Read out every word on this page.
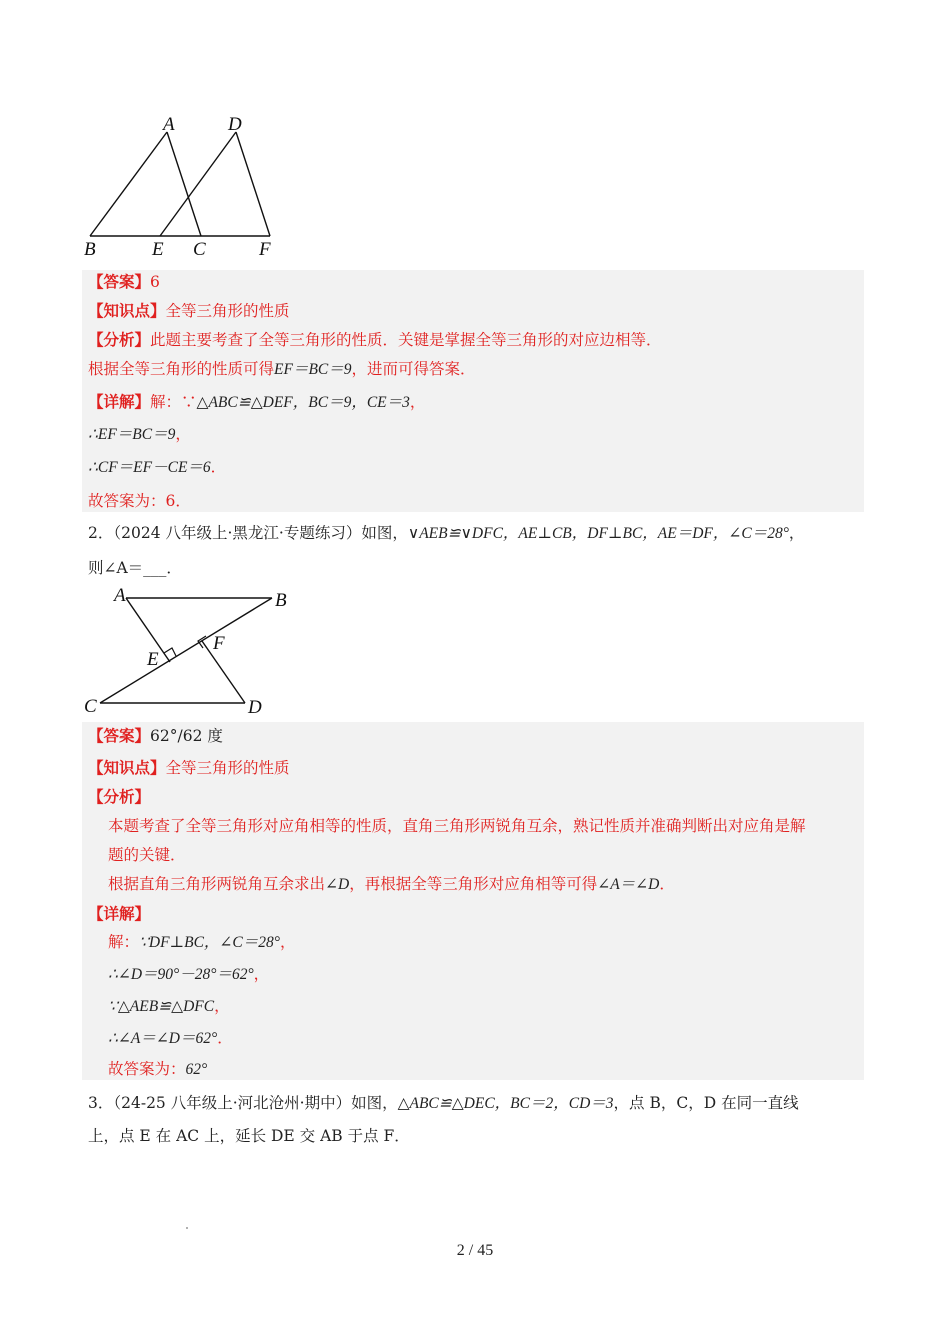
A	D
B	E C	F
【答案】6
【知识点】全等三角形的性质
【分析】此题主要考查了全等三角形的性质．关键是掌握全等三角形的对应边相等．
根据全等三角形的性质可得EF＝BC＝9，进而可得答案．
【详解】解：∵△ABC≌△DEF，BC＝9，CE＝3，
∴EF＝BC＝9，
∴CF＝EF－CE＝6．
故答案为：6．
2．（2024 八年级上·黑龙江·专题练习）如图，∨AEB≌∨DFC，AE⊥CB，DF⊥BC，AE＝DF，∠C＝28°，
则∠A＝___．
A	B
E
F
C	D
【答案】62°/62 度
【知识点】全等三角形的性质
【分析】
本题考查了全等三角形对应角相等的性质，直角三角形两锐角互余，熟记性质并准确判断出对应角是解
题的关键．
根据直角三角形两锐角互余求出∠D，再根据全等三角形对应角相等可得∠A＝∠D．
【详解】
解：∵DF⊥BC，∠C＝28°，
∴∠D＝90°－28°＝62°，
∵△AEB≌△DFC，
∴∠A＝∠D＝62°．
故答案为：62°
3．（24-25 八年级上·河北沧州·期中）如图，△ABC≌△DEC，BC＝2，CD＝3，点 B，C，D 在同一直线
上，点 E 在 AC 上，延长 DE 交 AB 于点 F．
2 / 45
